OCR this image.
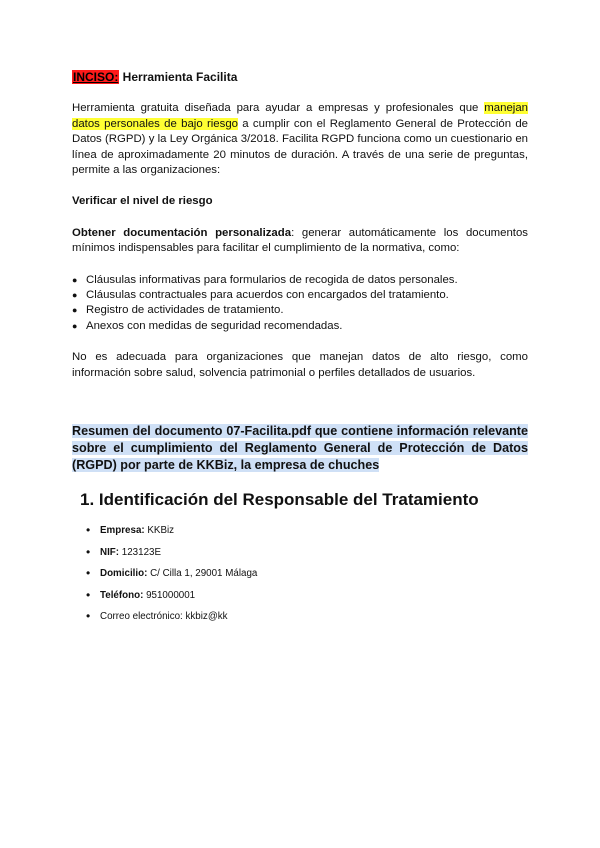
INCISO: Herramienta Facilita

Herramienta gratuita diseñada para ayudar a empresas y profesionales que manejan datos personales de bajo riesgo a cumplir con el Reglamento General de Protección de Datos (RGPD) y la Ley Orgánica 3/2018. Facilita RGPD funciona como un cuestionario en línea de aproximadamente 20 minutos de duración. A través de una serie de preguntas, permite a las organizaciones:

Verificar el nivel de riesgo

Obtener documentación personalizada: generar automáticamente los documentos mínimos indispensables para facilitar el cumplimiento de la normativa, como:

● Cláusulas informativas para formularios de recogida de datos personales.
● Cláusulas contractuales para acuerdos con encargados del tratamiento.
● Registro de actividades de tratamiento.
● Anexos con medidas de seguridad recomendadas.

No es adecuada para organizaciones que manejan datos de alto riesgo, como información sobre salud, solvencia patrimonial o perfiles detallados de usuarios.

Resumen del documento 07-Facilita.pdf que contiene información relevante sobre el cumplimiento del Reglamento General de Protección de Datos (RGPD) por parte de KKBiz, la empresa de chuches

1. Identificación del Responsable del Tratamiento
• Empresa: KKBiz
• NIF: 123123E
• Domicilio: C/ Cilla 1, 29001 Málaga
• Teléfono: 951000001
• Correo electrónico: kkbiz@kk
